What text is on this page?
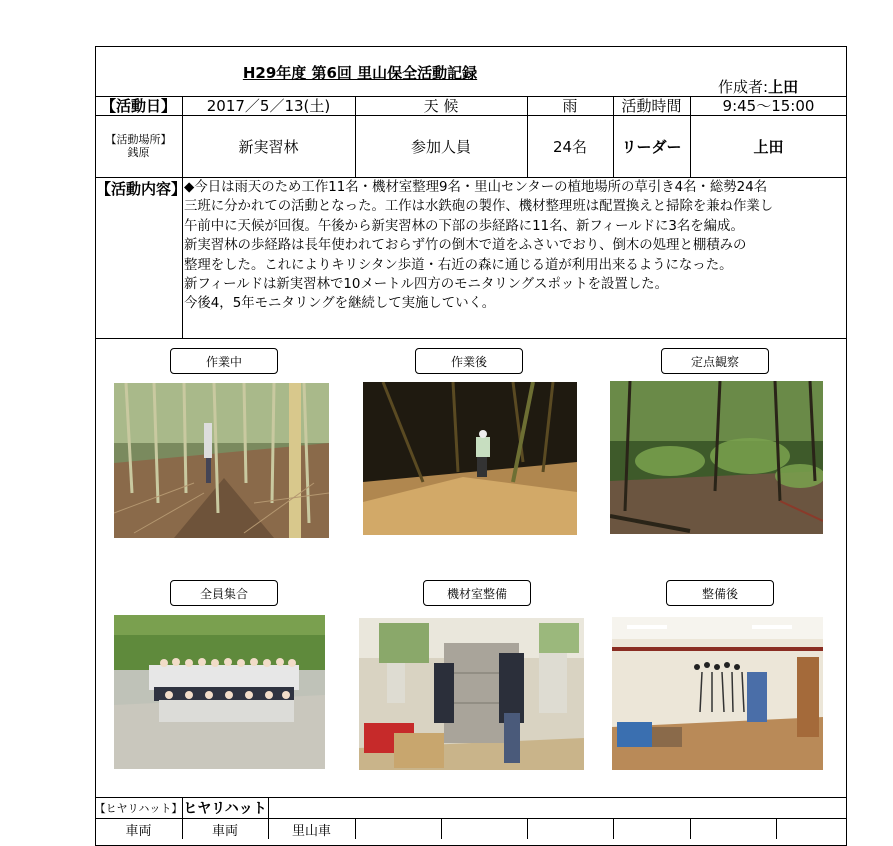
H29年度 第6回 里山保全活動記録
作成者:上田
【活動日】	2017／5／13(土)	天 候	雨	活動時間	9:45〜15:00
【活動場所】
銭原	新実習林	参加人員	24名	リーダー	上田
【活動内容】
◆今日は雨天のため工作11名・機材室整理9名・里山センターの植地場所の草引き4名・総勢24名
三班に分かれての活動となった。工作は水鉄砲の製作、機材整理班は配置換えと掃除を兼ね作業し
午前中に天候が回復。午後から新実習林の下部の歩経路に11名、新フィールドに3名を編成。
新実習林の歩経路は長年使われておらず竹の倒木で道をふさいでおり、倒木の処理と棚積みの
整理をした。これによりキリシタン歩道・右近の森に通じる道が利用出来るようになった。
新フィールドは新実習林で10メートル四方のモニタリングスポットを設置した。
今後4，5年モニタリングを継続して実施していく。
作業中	作業後	定点観察
全員集合	機材室整備	整備後
【ヒヤリハット】 ヒヤリハット
車両	車両	里山車
